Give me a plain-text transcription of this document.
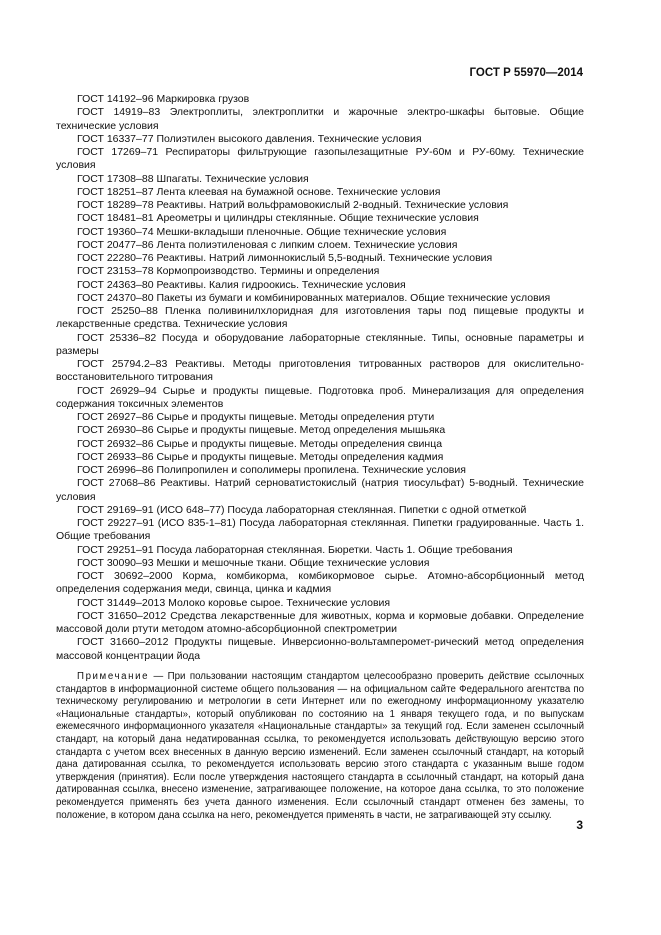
ГОСТ Р 55970—2014

ГОСТ 14192–96 Маркировка грузов

ГОСТ 14919–83 Электроплиты, электроплитки и жарочные электро-шкафы бытовые. Общие технические условия

ГОСТ 16337–77 Полиэтилен высокого давления. Технические условия

ГОСТ 17269–71 Респираторы фильтрующие газопылезащитные РУ-60м и РУ-60му. Технические условия

ГОСТ 17308–88 Шпагаты. Технические условия

ГОСТ 18251–87 Лента клеевая на бумажной основе. Технические условия

ГОСТ 18289–78 Реактивы. Натрий вольфрамовокислый 2-водный. Технические условия

ГОСТ 18481–81 Ареометры и цилиндры стеклянные. Общие технические условия

ГОСТ 19360–74 Мешки-вкладыши пленочные. Общие технические условия

ГОСТ 20477–86 Лента полиэтиленовая с липким слоем. Технические условия

ГОСТ 22280–76 Реактивы. Натрий лимоннокислый 5,5-водный. Технические условия

ГОСТ 23153–78 Кормопроизводство. Термины и определения

ГОСТ 24363–80 Реактивы. Калия гидроокись. Технические условия

ГОСТ 24370–80 Пакеты из бумаги и комбинированных материалов. Общие технические условия

ГОСТ 25250–88 Пленка поливинилхлоридная для изготовления тары под пищевые продукты и лекарственные средства. Технические условия

ГОСТ 25336–82 Посуда и оборудование лабораторные стеклянные. Типы, основные параметры и размеры

ГОСТ 25794.2–83 Реактивы. Методы приготовления титрованных растворов для окислительно-восстановительного титрования

ГОСТ 26929–94 Сырье и продукты пищевые. Подготовка проб. Минерализация для определения содержания токсичных элементов

ГОСТ 26927–86 Сырье и продукты пищевые. Методы определения ртути

ГОСТ 26930–86 Сырье и продукты пищевые. Метод определения мышьяка

ГОСТ 26932–86 Сырье и продукты пищевые. Методы определения свинца

ГОСТ 26933–86 Сырье и продукты пищевые. Методы определения кадмия

ГОСТ 26996–86 Полипропилен и сополимеры пропилена. Технические условия

ГОСТ 27068–86 Реактивы. Натрий серноватистокислый (натрия тиосульфат) 5-водный. Технические условия

ГОСТ 29169–91 (ИСО 648–77) Посуда лабораторная стеклянная. Пипетки с одной отметкой

ГОСТ 29227–91 (ИСО 835-1–81) Посуда лабораторная стеклянная. Пипетки градуированные. Часть 1. Общие требования

ГОСТ 29251–91 Посуда лабораторная стеклянная. Бюретки. Часть 1. Общие требования

ГОСТ 30090–93 Мешки и мешочные ткани. Общие технические условия

ГОСТ 30692–2000 Корма, комбикорма, комбикормовое сырье. Атомно-абсорбционный метод определения содержания меди, свинца, цинка и кадмия

ГОСТ 31449–2013 Молоко коровье сырое. Технические условия

ГОСТ 31650–2012 Средства лекарственные для животных, корма и кормовые добавки. Определение массовой доли ртути методом атомно-абсорбционной спектрометрии

ГОСТ 31660–2012 Продукты пищевые. Инверсионно-вольтамперомет-рический метод определения массовой концентрации йода

Примечание — При пользовании настоящим стандартом целесообразно проверить действие ссылочных стандартов в информационной системе общего пользования — на официальном сайте Федерального агентства по техническому регулированию и метрологии в сети Интернет или по ежегодному информационному указателю «Национальные стандарты», который опубликован по состоянию на 1 января текущего года, и по выпускам ежемесячного информационного указателя «Национальные стандарты» за текущий год. Если заменен ссылочный стандарт, на который дана недатированная ссылка, то рекомендуется использовать действующую версию этого стандарта с учетом всех внесенных в данную версию изменений. Если заменен ссылочный стандарт, на который дана датированная ссылка, то рекомендуется использовать версию этого стандарта с указанным выше годом утверждения (принятия). Если после утверждения настоящего стандарта в ссылочный стандарт, на который дана датированная ссылка, внесено изменение, затрагивающее положение, на которое дана ссылка, то это положение рекомендуется применять без учета данного изменения. Если ссылочный стандарт отменен без замены, то положение, в котором дана ссылка на него, рекомендуется применять в части, не затрагивающей эту ссылку.

3
